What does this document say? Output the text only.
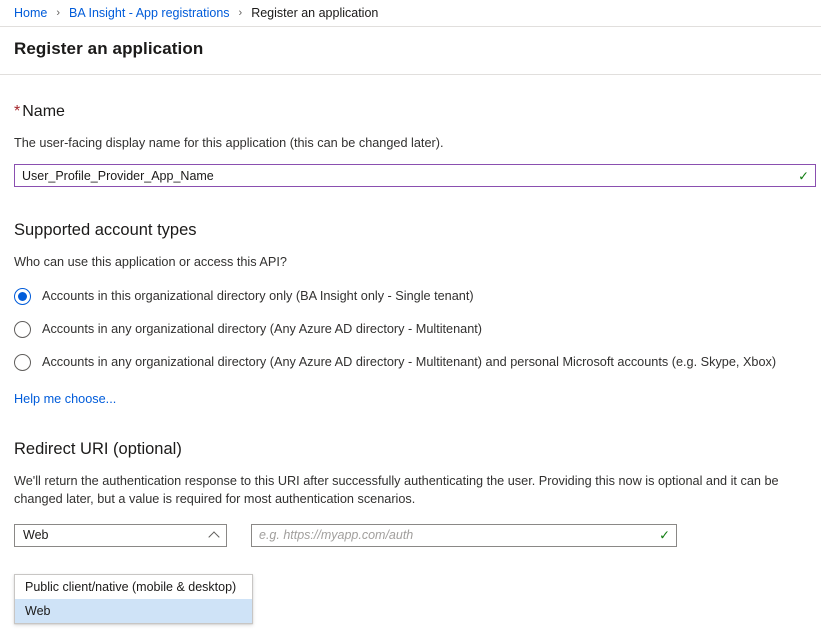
Home › BA Insight - App registrations › Register an application
Register an application
* Name
The user-facing display name for this application (this can be changed later).
User_Profile_Provider_App_Name
✓
Supported account types
Who can use this application or access this API?
Accounts in this organizational directory only (BA Insight only - Single tenant)
Accounts in any organizational directory (Any Azure AD directory - Multitenant)
Accounts in any organizational directory (Any Azure AD directory - Multitenant) and personal Microsoft accounts (e.g. Skype, Xbox)
Help me choose...
Redirect URI (optional)
We'll return the authentication response to this URI after successfully authenticating the user. Providing this now is optional and it can be changed later, but a value is required for most authentication scenarios.
Web
e.g. https://myapp.com/auth	✓
Public client/native (mobile & desktop)
Web
